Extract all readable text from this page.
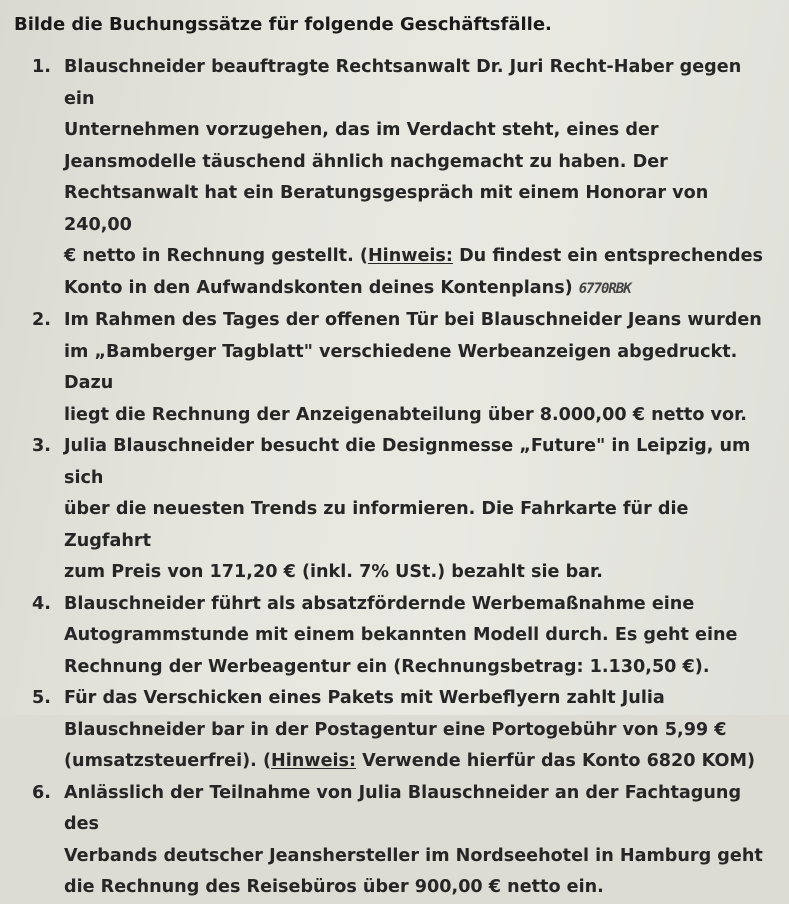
Bilde die Buchungssätze für folgende Geschäftsfälle.
1. Blauschneider beauftragte Rechtsanwalt Dr. Juri Recht-Haber gegen ein
Unternehmen vorzugehen, das im Verdacht steht, eines der
Jeansmodelle täuschend ähnlich nachgemacht zu haben. Der
Rechtsanwalt hat ein Beratungsgespräch mit einem Honorar von 240,00
€ netto in Rechnung gestellt. (Hinweis: Du findest ein entsprechendes
Konto in den Aufwandskonten deines Kontenplans) 6770RBK
2. Im Rahmen des Tages der offenen Tür bei Blauschneider Jeans wurden
im „Bamberger Tagblatt" verschiedene Werbeanzeigen abgedruckt. Dazu
liegt die Rechnung der Anzeigenabteilung über 8.000,00 € netto vor.
3. Julia Blauschneider besucht die Designmesse „Future" in Leipzig, um sich
über die neuesten Trends zu informieren. Die Fahrkarte für die Zugfahrt
zum Preis von 171,20 € (inkl. 7% USt.) bezahlt sie bar.
4. Blauschneider führt als absatzfördernde Werbemaßnahme eine
Autogrammstunde mit einem bekannten Modell durch. Es geht eine
Rechnung der Werbeagentur ein (Rechnungsbetrag: 1.130,50 €).
5. Für das Verschicken eines Pakets mit Werbeflyern zahlt Julia
Blauschneider bar in der Postagentur eine Portogebühr von 5,99 €
(umsatzsteuerfrei). (Hinweis: Verwende hierfür das Konto 6820 KOM)
6. Anlässlich der Teilnahme von Julia Blauschneider an der Fachtagung des
Verbands deutscher Jeanshersteller im Nordseehotel in Hamburg geht
die Rechnung des Reisebüros über 900,00 € netto ein.
